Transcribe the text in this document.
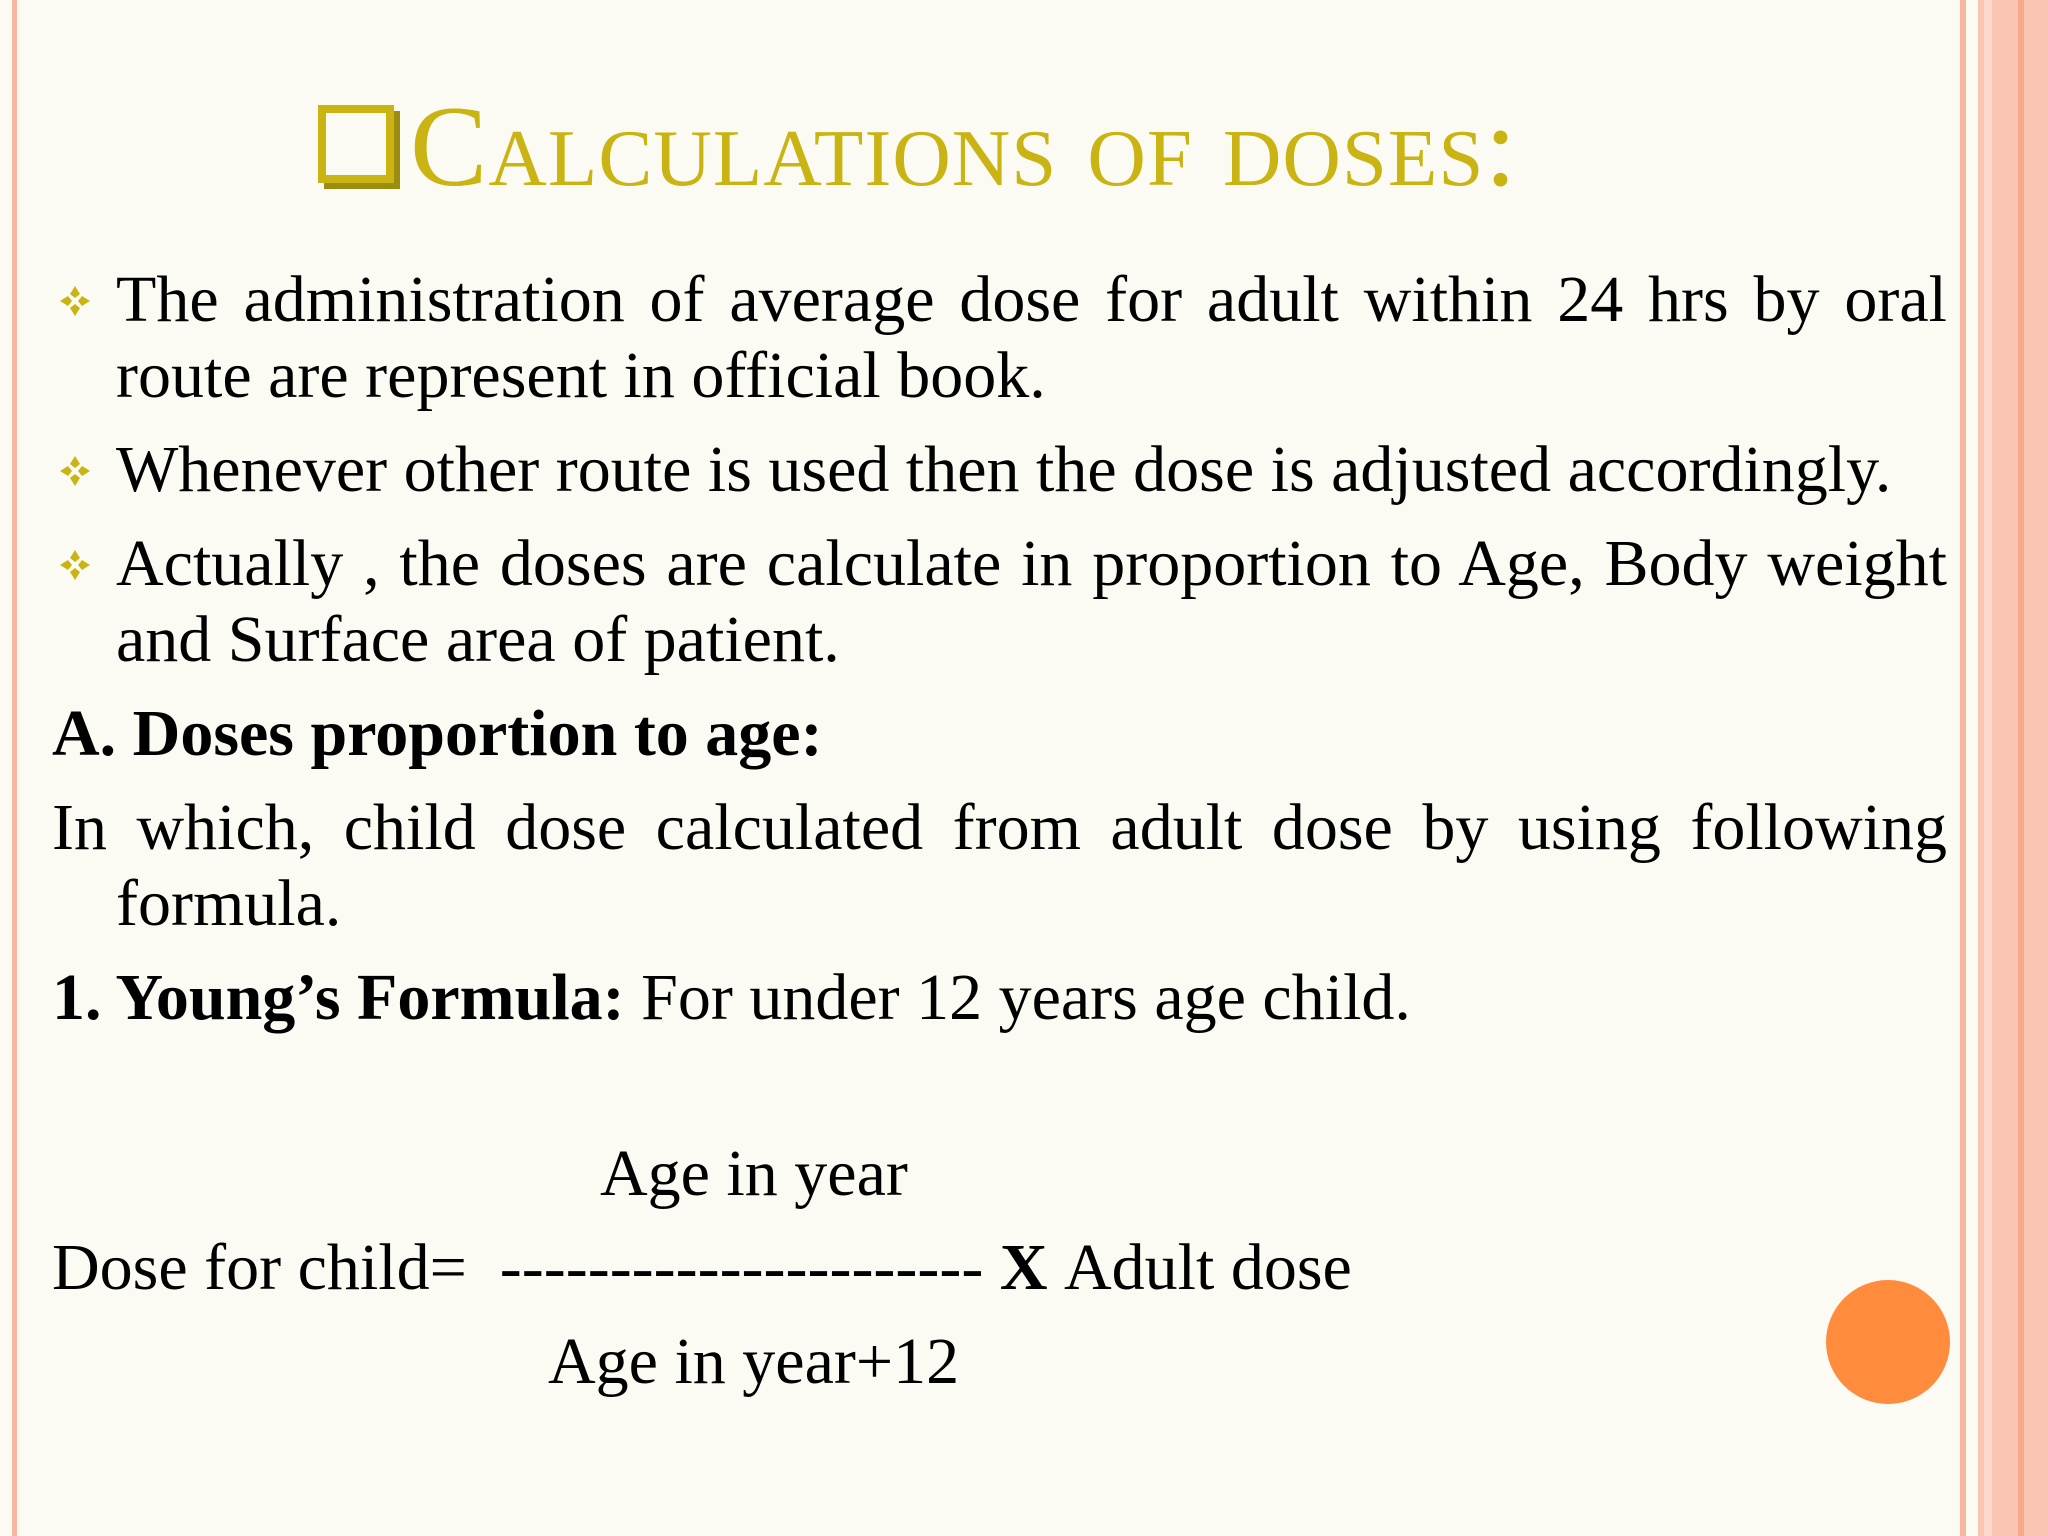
Calculations of doses:
The administration of average dose for adult within 24 hrs by oral route are represent in official book.
Whenever other route is used then the dose is adjusted accordingly.
Actually , the doses are calculate in proportion to Age, Body weight and Surface area of patient.
A. Doses proportion to age:
In which, child dose calculated from adult dose by using following formula.
1. Young’s Formula: For under 12 years age child.
Age in year
Dose for child= ---------------------- X Adult dose
Age in year+12
